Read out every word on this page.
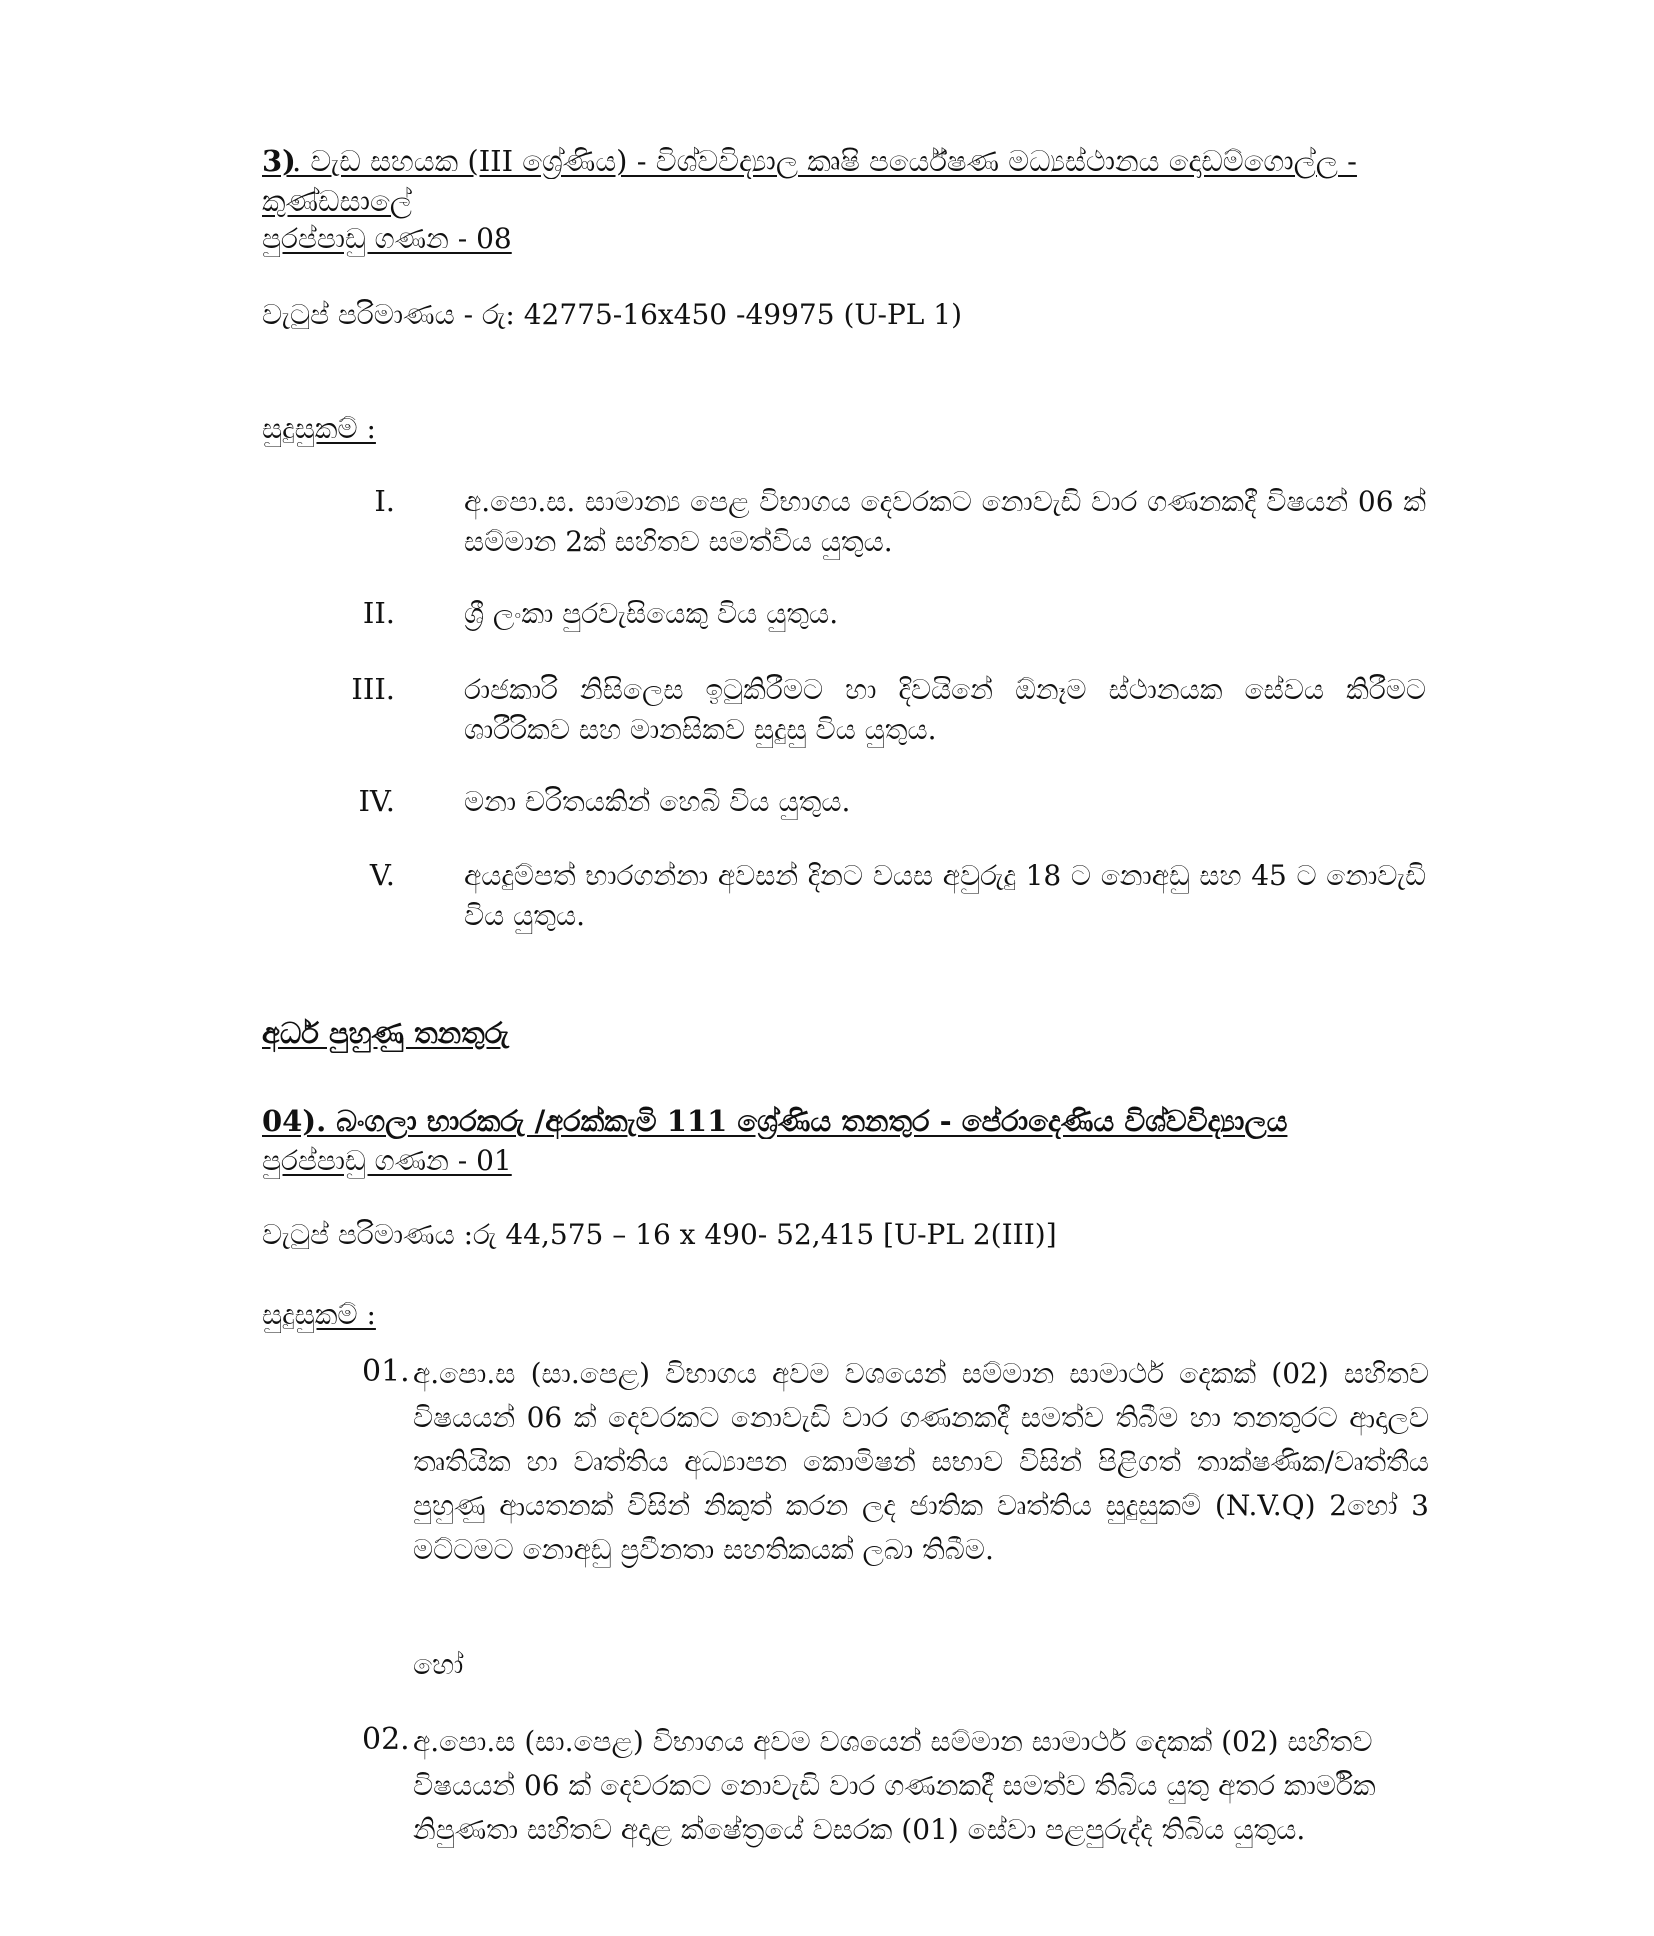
3)
. වැඩ සහයක (III ශ්‍රේණිය) - විශ්වවිද්‍යාල කෘෂි පර්යේෂණ මධ්‍යස්ථානය දොඩම්ගොල්ල -
කුණ්ඩසාලේ
පුරප්පාඩු ගණන - 08
වැටුප් පරිමාණය - රු: 42775-16x450 -49975 (U-PL 1)
සුදුසුකම් :
I. අ.පො.ස. සාමාන්‍ය පෙළ විභාගය දෙවරකට නොවැඩි වාර ගණනකදී විෂයන් 06 ක් සම්මාන 2ක් සහිතව සමත්විය යුතුය.
II. ශ්‍රී ලංකා පුරවැසියෙකු විය යුතුය.
III. රාජකාරි නිසිලෙස ඉටුකිරීමට හා දිවයිනේ ඕනෑම ස්ථානයක සේවය කිරීමට ශාරීරිකව සහ මානසිකව සුදුසු විය යුතුය.
IV. මනා චරිතයකින් හෙබි විය යුතුය.
V. අයදුම්පත් භාරගන්නා අවසන් දිනට වයස අවුරුදු 18 ට නොඅඩු සහ 45 ට නොවැඩි විය යුතුය.
අර්ධ පුහුණු තනතුරු
04). බංගලා භාරකරු /අරක්කැමි 111 ශ්‍රේණිය තනතුර - පේරාදෙණිය විශ්වවිද්‍යාලය
පුරප්පාඩු ගණන - 01
වැටුප් පරිමාණය :රු 44,575 – 16 x 490- 52,415 [U-PL 2(III)]
සුදුසුකම් :
01. අ.පො.ස (සා.පෙළ) විභාගය අවම වශයෙන් සම්මාන සාමාර්ථ දෙකක් (02) සහිතව විෂයයන් 06 ක් දෙවරකට නොවැඩි වාර ගණනකදී සමත්ව තිබීම හා තනතුරට ආදාලව තෘතියික හා වෘත්තිය අධ්‍යාපන කොමිෂන් සභාව විසින් පිළිගත් තාක්ෂණික/වෘත්තීය පුහුණු ආයතනක් විසින් නිකුත් කරන ලද ජාතික වෘත්තිය සුදුසුකම් (N.V.Q) 2හෝ 3 මට්ටමට නොඅඩු ප්‍රවීනතා සහතිකයක් ලබා තිබීම.
හෝ
02. අ.පො.ස (සා.පෙළ) විභාගය අවම වශයෙන් සම්මාන සාමාර්ථ දෙකක් (02) සහිතව විෂයයන් 06 ක් දෙවරකට නොවැඩි වාර ගණනකදී සමත්ව තිබිය යුතු අතර කාර්මික නිපුණතා සහිතව අදාළ ක්ෂේත්‍රයේ වසරක (01) සේවා පළපුරුද්ද තිබිය යුතුය.
